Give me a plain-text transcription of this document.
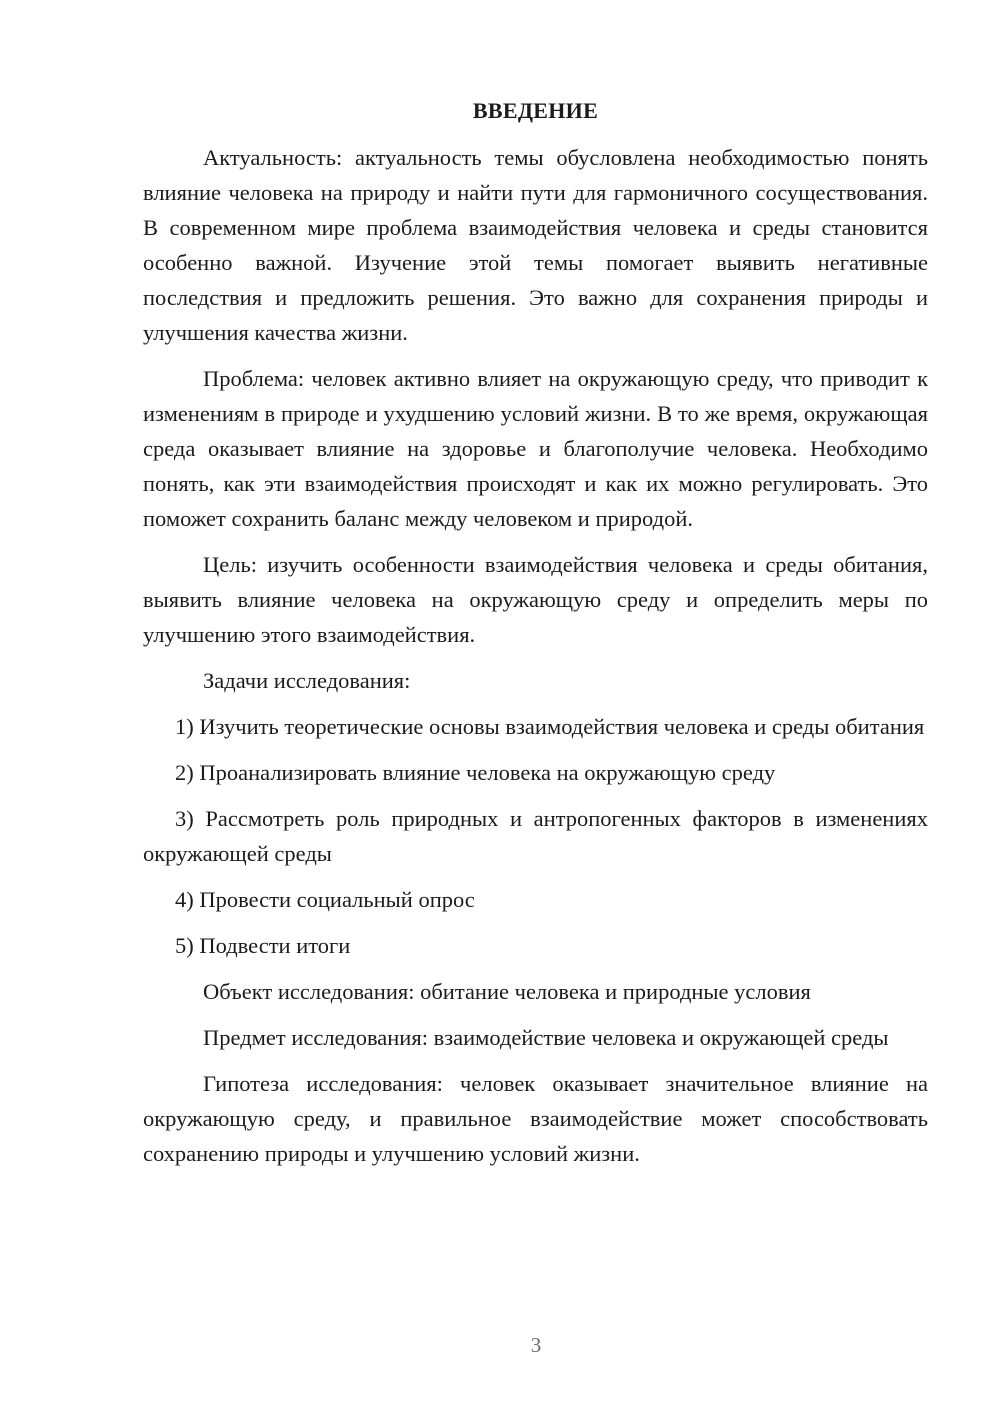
ВВЕДЕНИЕ

Актуальность: актуальность темы обусловлена необходимостью понять влияние человека на природу и найти пути для гармоничного сосуществования. В современном мире проблема взаимодействия человека и среды становится особенно важной. Изучение этой темы помогает выявить негативные последствия и предложить решения. Это важно для сохранения природы и улучшения качества жизни.

Проблема: человек активно влияет на окружающую среду, что приводит к изменениям в природе и ухудшению условий жизни. В то же время, окружающая среда оказывает влияние на здоровье и благополучие человека. Необходимо понять, как эти взаимодействия происходят и как их можно регулировать. Это поможет сохранить баланс между человеком и природой.

Цель: изучить особенности взаимодействия человека и среды обитания, выявить влияние человека на окружающую среду и определить меры по улучшению этого взаимодействия.

Задачи исследования:

1) Изучить теоретические основы взаимодействия человека и среды обитания

2) Проанализировать влияние человека на окружающую среду

3) Рассмотреть роль природных и антропогенных факторов в изменениях окружающей среды

4) Провести социальный опрос

5) Подвести итоги

Объект исследования: обитание человека и природные условия

Предмет исследования: взаимодействие человека и окружающей среды

Гипотеза исследования: человек оказывает значительное влияние на окружающую среду, и правильное взаимодействие может способствовать сохранению природы и улучшению условий жизни.

3
